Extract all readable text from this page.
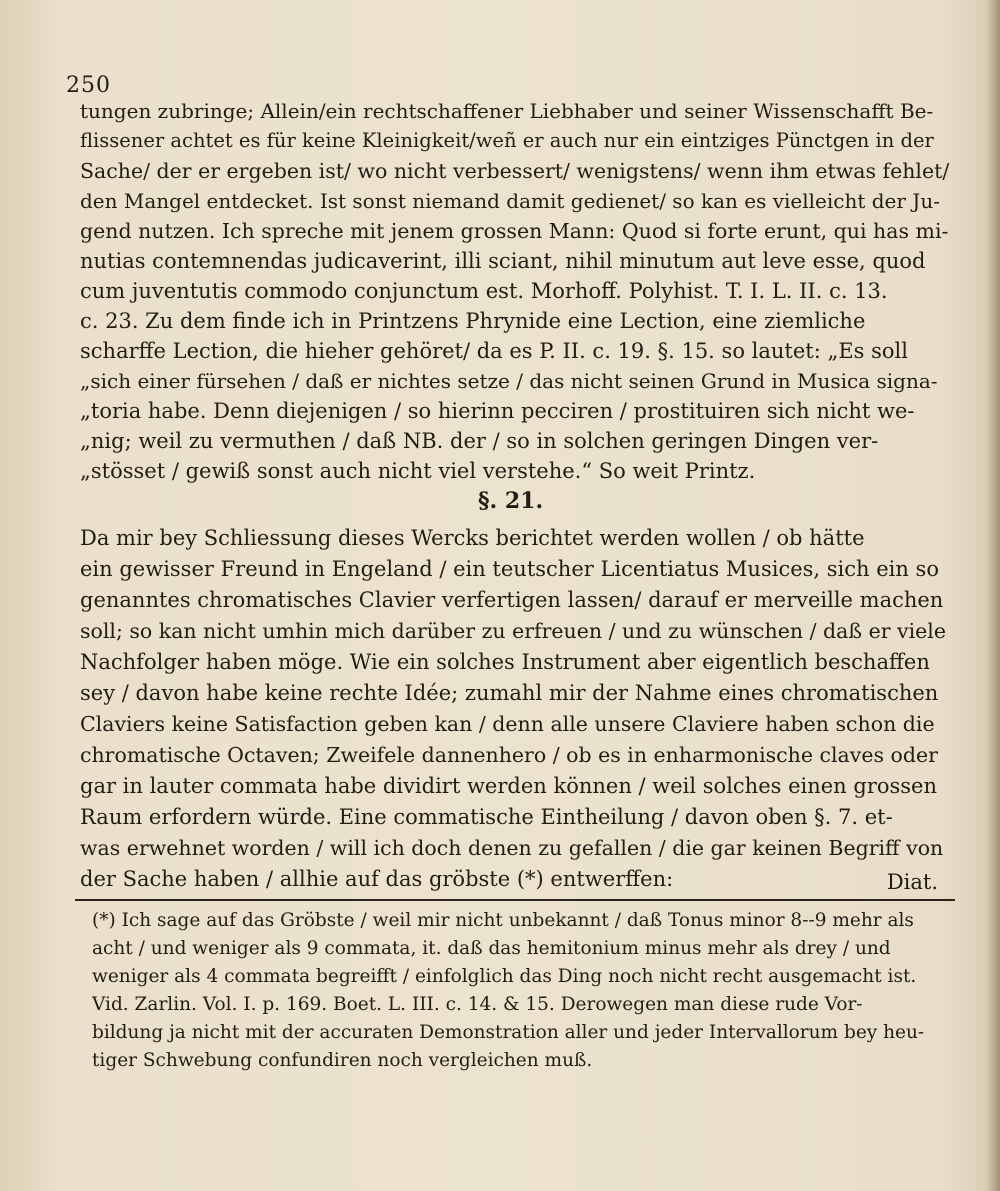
250
tungen zubringe; Allein/ein rechtschaffener Liebhaber und seiner Wissenschafft Be-
flissener achtet es für keine Kleinigkeit/weñ er auch nur ein eintziges Pünctgen in der
Sache/ der er ergeben ist/ wo nicht verbessert/ wenigstens/ wenn ihm etwas fehlet/
den Mangel entdecket. Ist sonst niemand damit gedienet/ so kan es vielleicht der Ju-
gend nutzen. Ich spreche mit jenem grossen Mann: Quod si forte erunt, qui has mi-
nutias contemnendas judicaverint, illi sciant, nihil minutum aut leve esse, quod
cum juventutis commodo conjunctum est. Morhoff. Polyhist. T. I. L. II. c. 13.
c. 23. Zu dem finde ich in Printzens Phrynide eine Lection, eine ziemliche
scharffe Lection, die hieher gehöret/ da es P. II. c. 19. §. 15. so lautet: „Es soll
„sich einer fürsehen / daß er nichtes setze / das nicht seinen Grund in Musica signa-
„toria habe. Denn diejenigen / so hierinn pecciren / prostituiren sich nicht we-
„nig; weil zu vermuthen / daß NB. der / so in solchen geringen Dingen ver-
„stösset / gewiß sonst auch nicht viel verstehe.“ So weit Printz.
§. 21.
Da mir bey Schliessung dieses Wercks berichtet werden wollen / ob hätte
ein gewisser Freund in Engeland / ein teutscher Licentiatus Musices, sich ein so
genanntes chromatisches Clavier verfertigen lassen/ darauf er merveille machen
soll; so kan nicht umhin mich darüber zu erfreuen / und zu wünschen / daß er viele
Nachfolger haben möge. Wie ein solches Instrument aber eigentlich beschaffen
sey / davon habe keine rechte Idée; zumahl mir der Nahme eines chromatischen
Claviers keine Satisfaction geben kan / denn alle unsere Claviere haben schon die
chromatische Octaven; Zweifele dannenhero / ob es in enharmonische claves oder
gar in lauter commata habe dividirt werden können / weil solches einen grossen
Raum erfordern würde. Eine commatische Eintheilung / davon oben §. 7. et-
was erwehnet worden / will ich doch denen zu gefallen / die gar keinen Begriff von
der Sache haben / allhie auf das gröbste (*) entwerffen:	Diat.
(*) Ich sage auf das Gröbste / weil mir nicht unbekannt / daß Tonus minor 8--9 mehr als
acht / und weniger als 9 commata, it. daß das hemitonium minus mehr als drey / und
weniger als 4 commata begreifft / einfolglich das Ding noch nicht recht ausgemacht ist.
Vid. Zarlin. Vol. I. p. 169. Boet. L. III. c. 14. & 15. Derowegen man diese rude Vor-
bildung ja nicht mit der accuraten Demonstration aller und jeder Intervallorum bey heu-
tiger Schwebung confundiren noch vergleichen muß.
